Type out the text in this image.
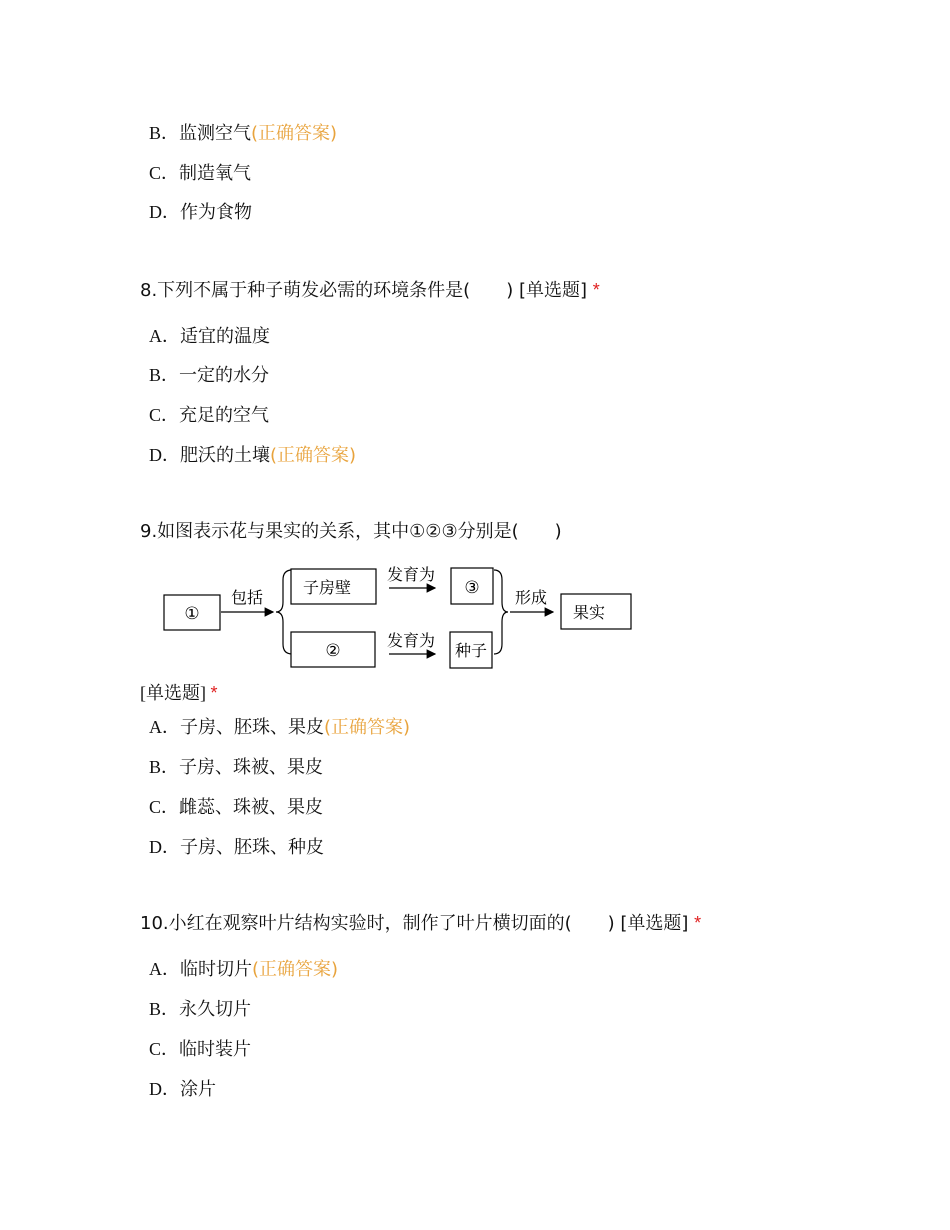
B．监测空气(正确答案)
C．制造氧气
D．作为食物
8.下列不属于种子萌发必需的环境条件是(　　) [单选题] *
A．适宜的温度
B．一定的水分
C．充足的空气
D．肥沃的土壤(正确答案)
9.如图表示花与果实的关系，其中①②③分别是(　　)
①
包括
子房壁
②
发育为
发育为
③
种子
形成
果实
[单选题] *
A．子房、胚珠、果皮(正确答案)
B．子房、珠被、果皮
C．雌蕊、珠被、果皮
D．子房、胚珠、种皮
10.小红在观察叶片结构实验时，制作了叶片横切面的(　　) [单选题] *
A．临时切片(正确答案)
B．永久切片
C．临时装片
D．涂片
